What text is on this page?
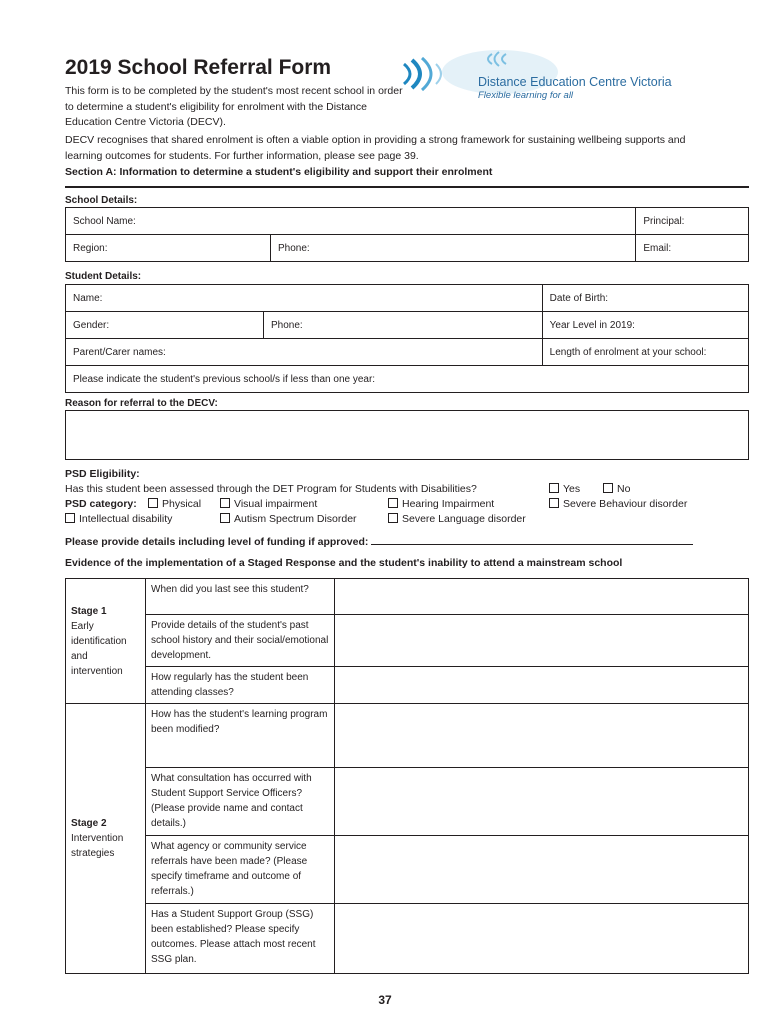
2019 School Referral Form
This form is to be completed by the student's most recent school in order to determine a student's eligibility for enrolment with the Distance Education Centre Victoria (DECV).
DECV recognises that shared enrolment is often a viable option in providing a strong framework for sustaining wellbeing supports and learning outcomes for students. For further information, please see page 39.
Distance Education Centre Victoria
Flexible learning for all
Section A: Information to determine a student's eligibility and support their enrolment
School Details:
School Name:		Principal:
Region:	Phone:	Email:
Student Details:
Name:		Date of Birth:
Gender:	Phone:	Year Level in 2019:
Parent/Carer names:		Length of enrolment at your school:
Please indicate the student's previous school/s if less than one year:		
Reason for referral to the DECV:
PSD Eligibility:
Has this student been assessed through the DET Program for Students with Disabilities?	Yes	No
PSD category:	Physical	Visual impairment	Hearing Impairment	Severe Behaviour disorder
Intellectual disability	Autism Spectrum Disorder	Severe Language disorder
Please provide details including level of funding if approved:
Evidence of the implementation of a Staged Response and the student's inability to attend a mainstream school
Stage 1
Early identification and intervention	When did you last see this student?	
	Provide details of the student's past school history and their social/emotional development.	
	How regularly has the student been attending classes?	

Stage 2
Intervention strategies	How has the student's learning program been modified?	
	What consultation has occurred with Student Support Service Officers? (Please provide name and contact details.)	
	What agency or community service referrals have been made? (Please specify timeframe and outcome of referrals.)	
	Has a Student Support Group (SSG) been established? Please specify outcomes. Please attach most recent SSG plan.	
37
